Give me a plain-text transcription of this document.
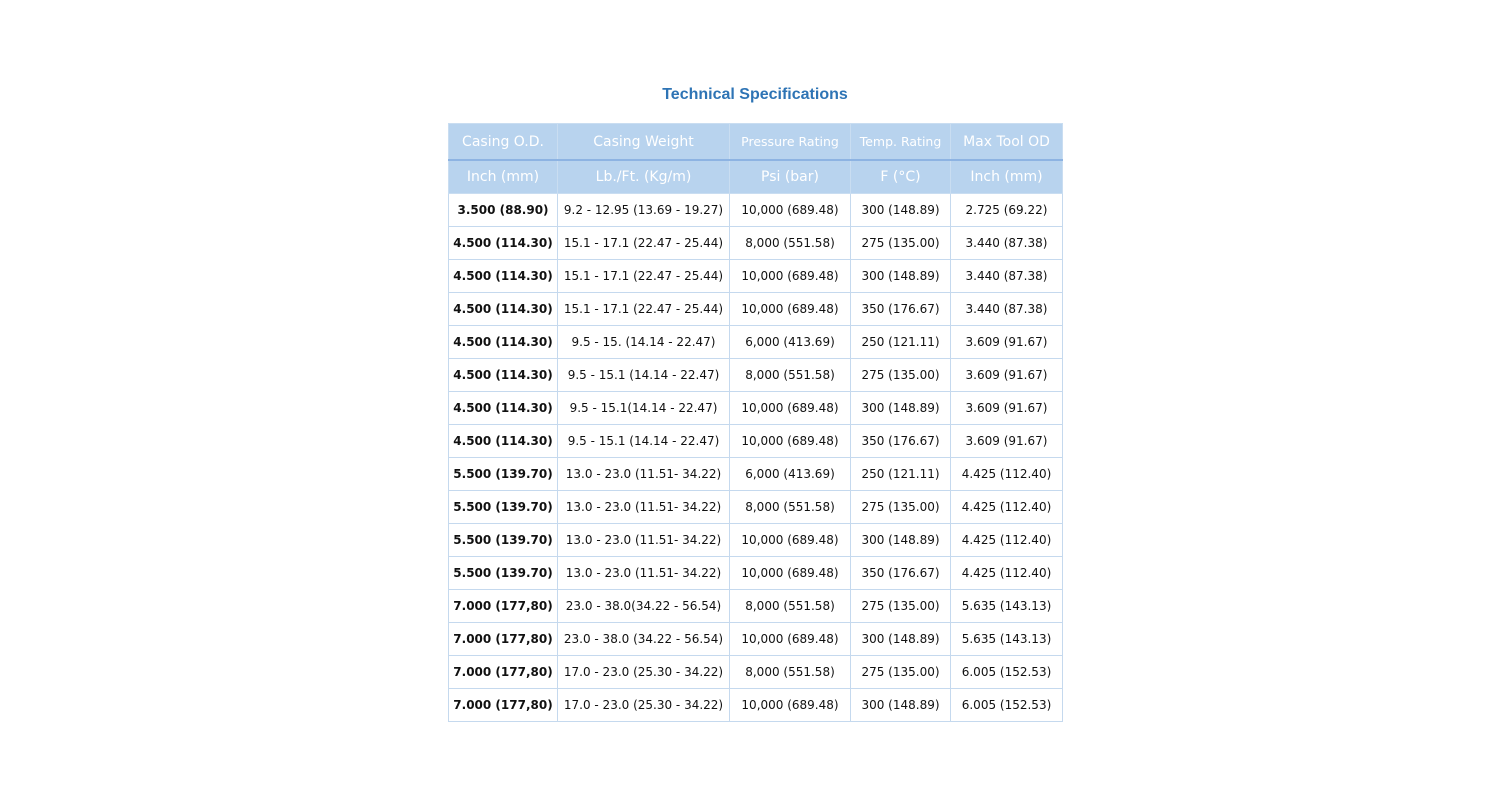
Technical Specifications
Casing O.D.	Casing Weight	Pressure Rating	Temp. Rating	Max Tool OD
Inch (mm)	Lb./Ft. (Kg/m)	Psi (bar)	F (°C)	Inch (mm)
3.500 (88.90)	9.2 - 12.95 (13.69 - 19.27)	10,000 (689.48)	300 (148.89)	2.725 (69.22)
4.500 (114.30)	15.1 - 17.1 (22.47 - 25.44)	8,000 (551.58)	275 (135.00)	3.440 (87.38)
4.500 (114.30)	15.1 - 17.1 (22.47 - 25.44)	10,000 (689.48)	300 (148.89)	3.440 (87.38)
4.500 (114.30)	15.1 - 17.1 (22.47 - 25.44)	10,000 (689.48)	350 (176.67)	3.440 (87.38)
4.500 (114.30)	9.5 - 15. (14.14 - 22.47)	6,000 (413.69)	250 (121.11)	3.609 (91.67)
4.500 (114.30)	9.5 - 15.1 (14.14 - 22.47)	8,000 (551.58)	275 (135.00)	3.609 (91.67)
4.500 (114.30)	9.5 - 15.1(14.14 - 22.47)	10,000 (689.48)	300 (148.89)	3.609 (91.67)
4.500 (114.30)	9.5 - 15.1 (14.14 - 22.47)	10,000 (689.48)	350 (176.67)	3.609 (91.67)
5.500 (139.70)	13.0 - 23.0 (11.51- 34.22)	6,000 (413.69)	250 (121.11)	4.425 (112.40)
5.500 (139.70)	13.0 - 23.0 (11.51- 34.22)	8,000 (551.58)	275 (135.00)	4.425 (112.40)
5.500 (139.70)	13.0 - 23.0 (11.51- 34.22)	10,000 (689.48)	300 (148.89)	4.425 (112.40)
5.500 (139.70)	13.0 - 23.0 (11.51- 34.22)	10,000 (689.48)	350 (176.67)	4.425 (112.40)
7.000 (177,80)	23.0 - 38.0(34.22 - 56.54)	8,000 (551.58)	275 (135.00)	5.635 (143.13)
7.000 (177,80)	23.0 - 38.0 (34.22 - 56.54)	10,000 (689.48)	300 (148.89)	5.635 (143.13)
7.000 (177,80)	17.0 - 23.0 (25.30 - 34.22)	8,000 (551.58)	275 (135.00)	6.005 (152.53)
7.000 (177,80)	17.0 - 23.0 (25.30 - 34.22)	10,000 (689.48)	300 (148.89)	6.005 (152.53)
